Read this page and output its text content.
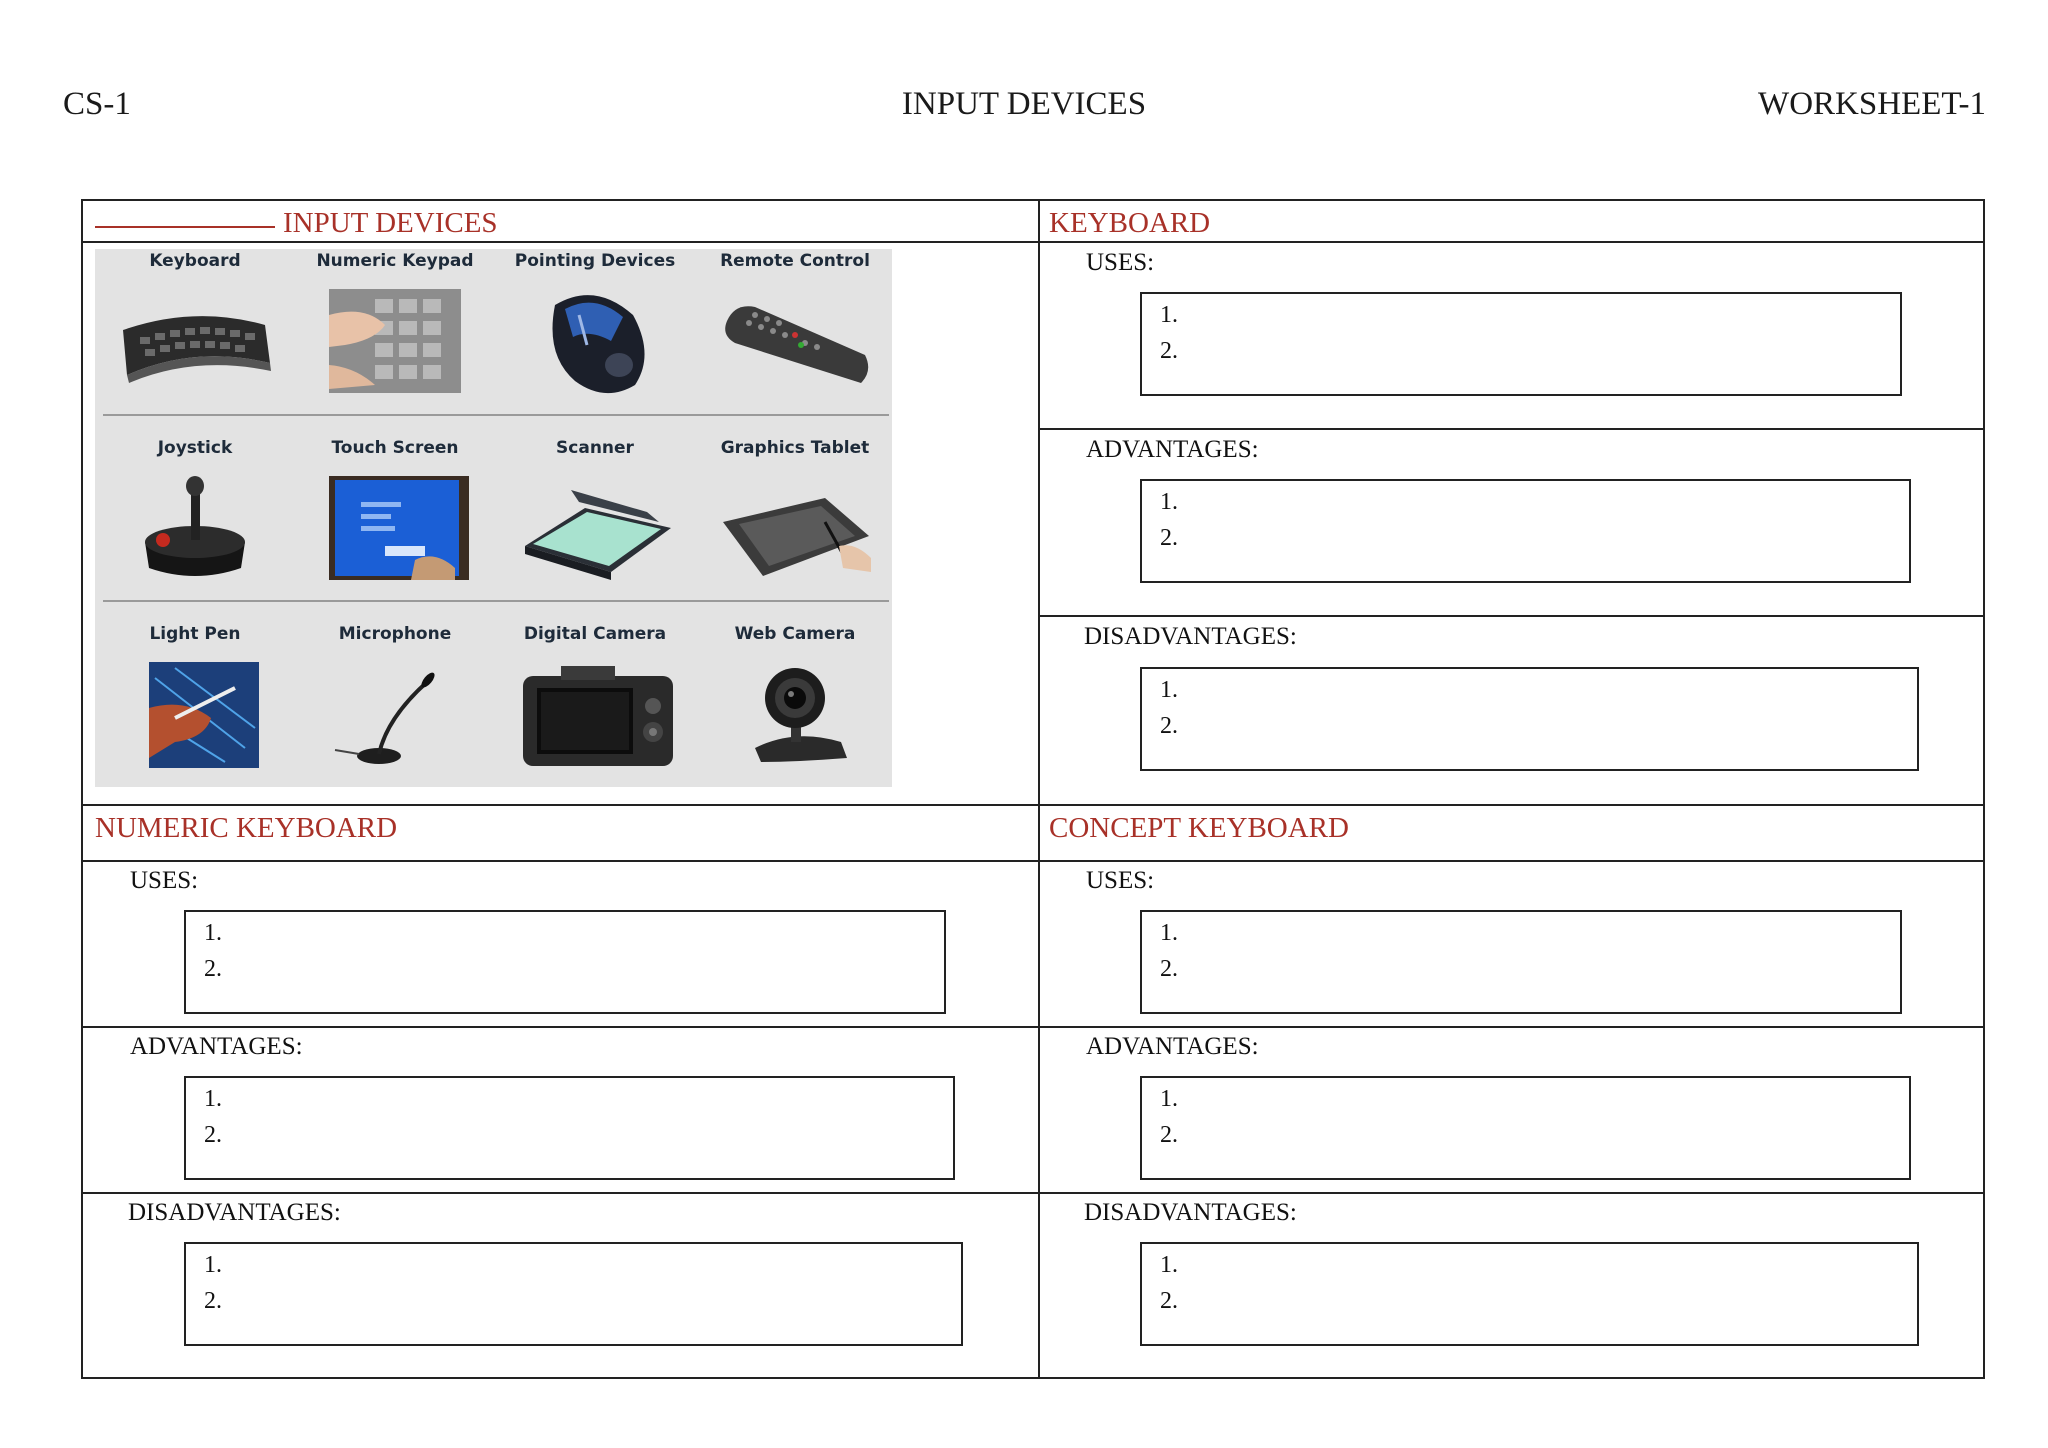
CS-1	INPUT DEVICES	WORKSHEET-1
INPUT DEVICES
Keyboard	Numeric Keypad	Pointing Devices	Remote Control
Joystick	Touch Screen	Scanner	Graphics Tablet
Light Pen	Microphone	Digital Camera	Web Camera
KEYBOARD
USES:
1.
2.
ADVANTAGES:
1.
2.
DISADVANTAGES:
1.
2.
NUMERIC KEYBOARD
USES:
1.
2.
ADVANTAGES:
1.
2.
DISADVANTAGES:
1.
2.
CONCEPT KEYBOARD
USES:
1.
2.
ADVANTAGES:
1.
2.
DISADVANTAGES:
1.
2.
